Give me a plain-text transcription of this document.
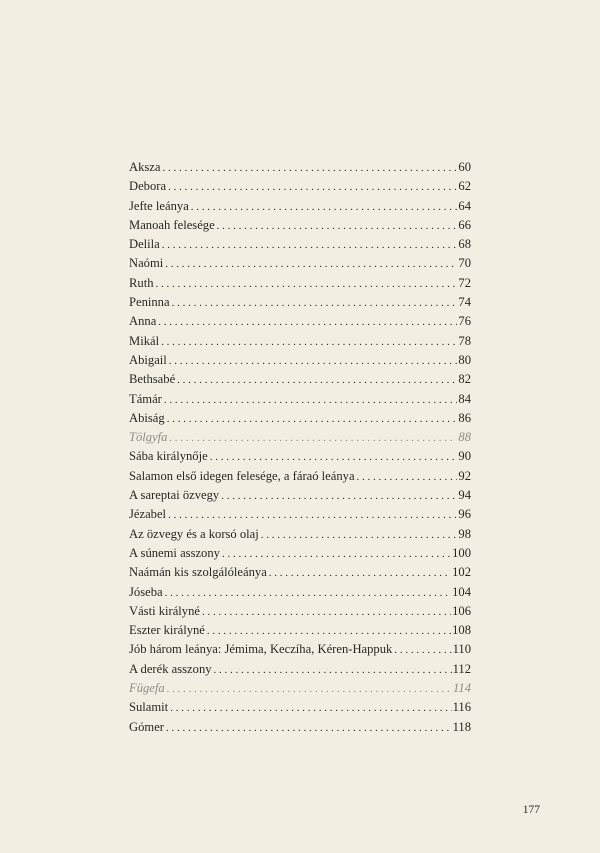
Aksza . . .	60
Debora . . .	62
Jefte leánya . . .	64
Manoah felesége . . .	66
Delila . . .	68
Naómi . . .	70
Ruth . . .	72
Peninna . . .	74
Anna . . .	76
Mikál . . .	78
Abigail . . .	80
Bethsabé . . .	82
Támár . . .	84
Abiság . . .	86
Tölgyfa . . .	88
Sába királynője . . .	90
Salamon első idegen felesége, a fáraó leánya . . .	92
A sareptai özvegy . . .	94
Jézabel . . .	96
Az özvegy és a korsó olaj . . .	98
A súnemi asszony . . .	100
Naámán kis szolgálóleánya . . .	102
Jóseba . . .	104
Vásti királyné . . .	106
Eszter királyné . . .	108
Jób három leánya: Jémima, Keczíha, Kéren-Happuk . . .	110
A derék asszony . . .	112
Fügefa . . .	114
Sulamit . . .	116
Gómer . . .	118
177
